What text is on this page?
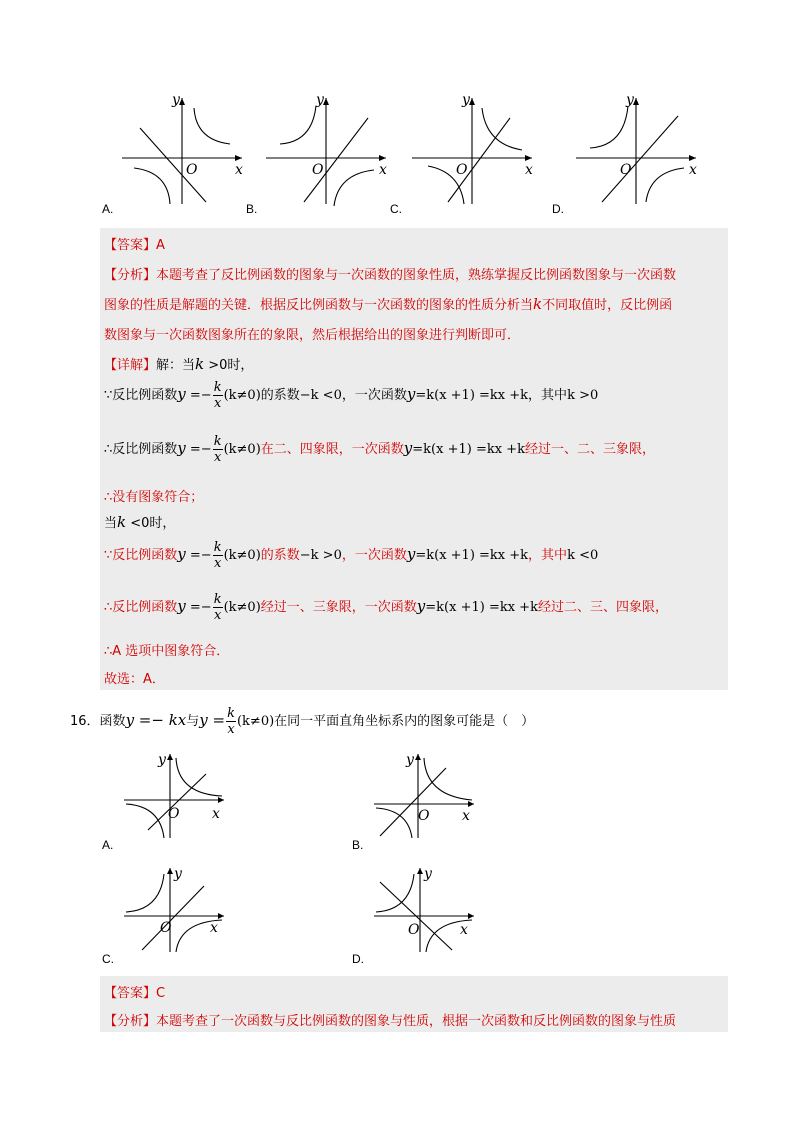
y
x
O
A.
y
x
O
B.
y
x
O
C.
y
x
O
D.
【答案】A
【分析】本题考查了反比例函数的图象与一次函数的图象性质，熟练掌握反比例函数图象与一次函数
图象的性质是解题的关键．根据反比例函数与一次函数的图象的性质分析当k不同取值时，反比例函
数图象与一次函数图象所在的象限，然后根据给出的图象进行判断即可．
【详解】解：当k >0时，
∵反比例函数$y =- \frac{k}{x} (k\ne 0)$的系数−k <0，一次函数y=k(x +1) =kx +k，其中k >0
∴反比例函数$y =- \frac{k}{x} (k\ne 0)$在二、四象限，一次函数y=k(x +1) =kx +k经过一、二、三象限，
∴没有图象符合；
当k <0时，
∵反比例函数$y =- \frac{k}{x} (k\ne 0)$的系数−k >0，一次函数y=k(x +1) =kx +k，其中k <0
∴反比例函数$y =- \frac{k}{x} (k\ne 0)$经过一、三象限，一次函数y=k(x +1) =kx +k经过二、三、四象限，
∴A 选项中图象符合．
故选：A．
16．函数y =− kx与$y = \frac{k}{x} (k\ne 0)$在同一平面直角坐标系内的图象可能是（　）
y
x
O
A.
y
x
O
B.
y
x
O
C.
y
x
O
D.
【答案】C
【分析】本题考查了一次函数与反比例函数的图象与性质，根据一次函数和反比例函数的图象与性质
